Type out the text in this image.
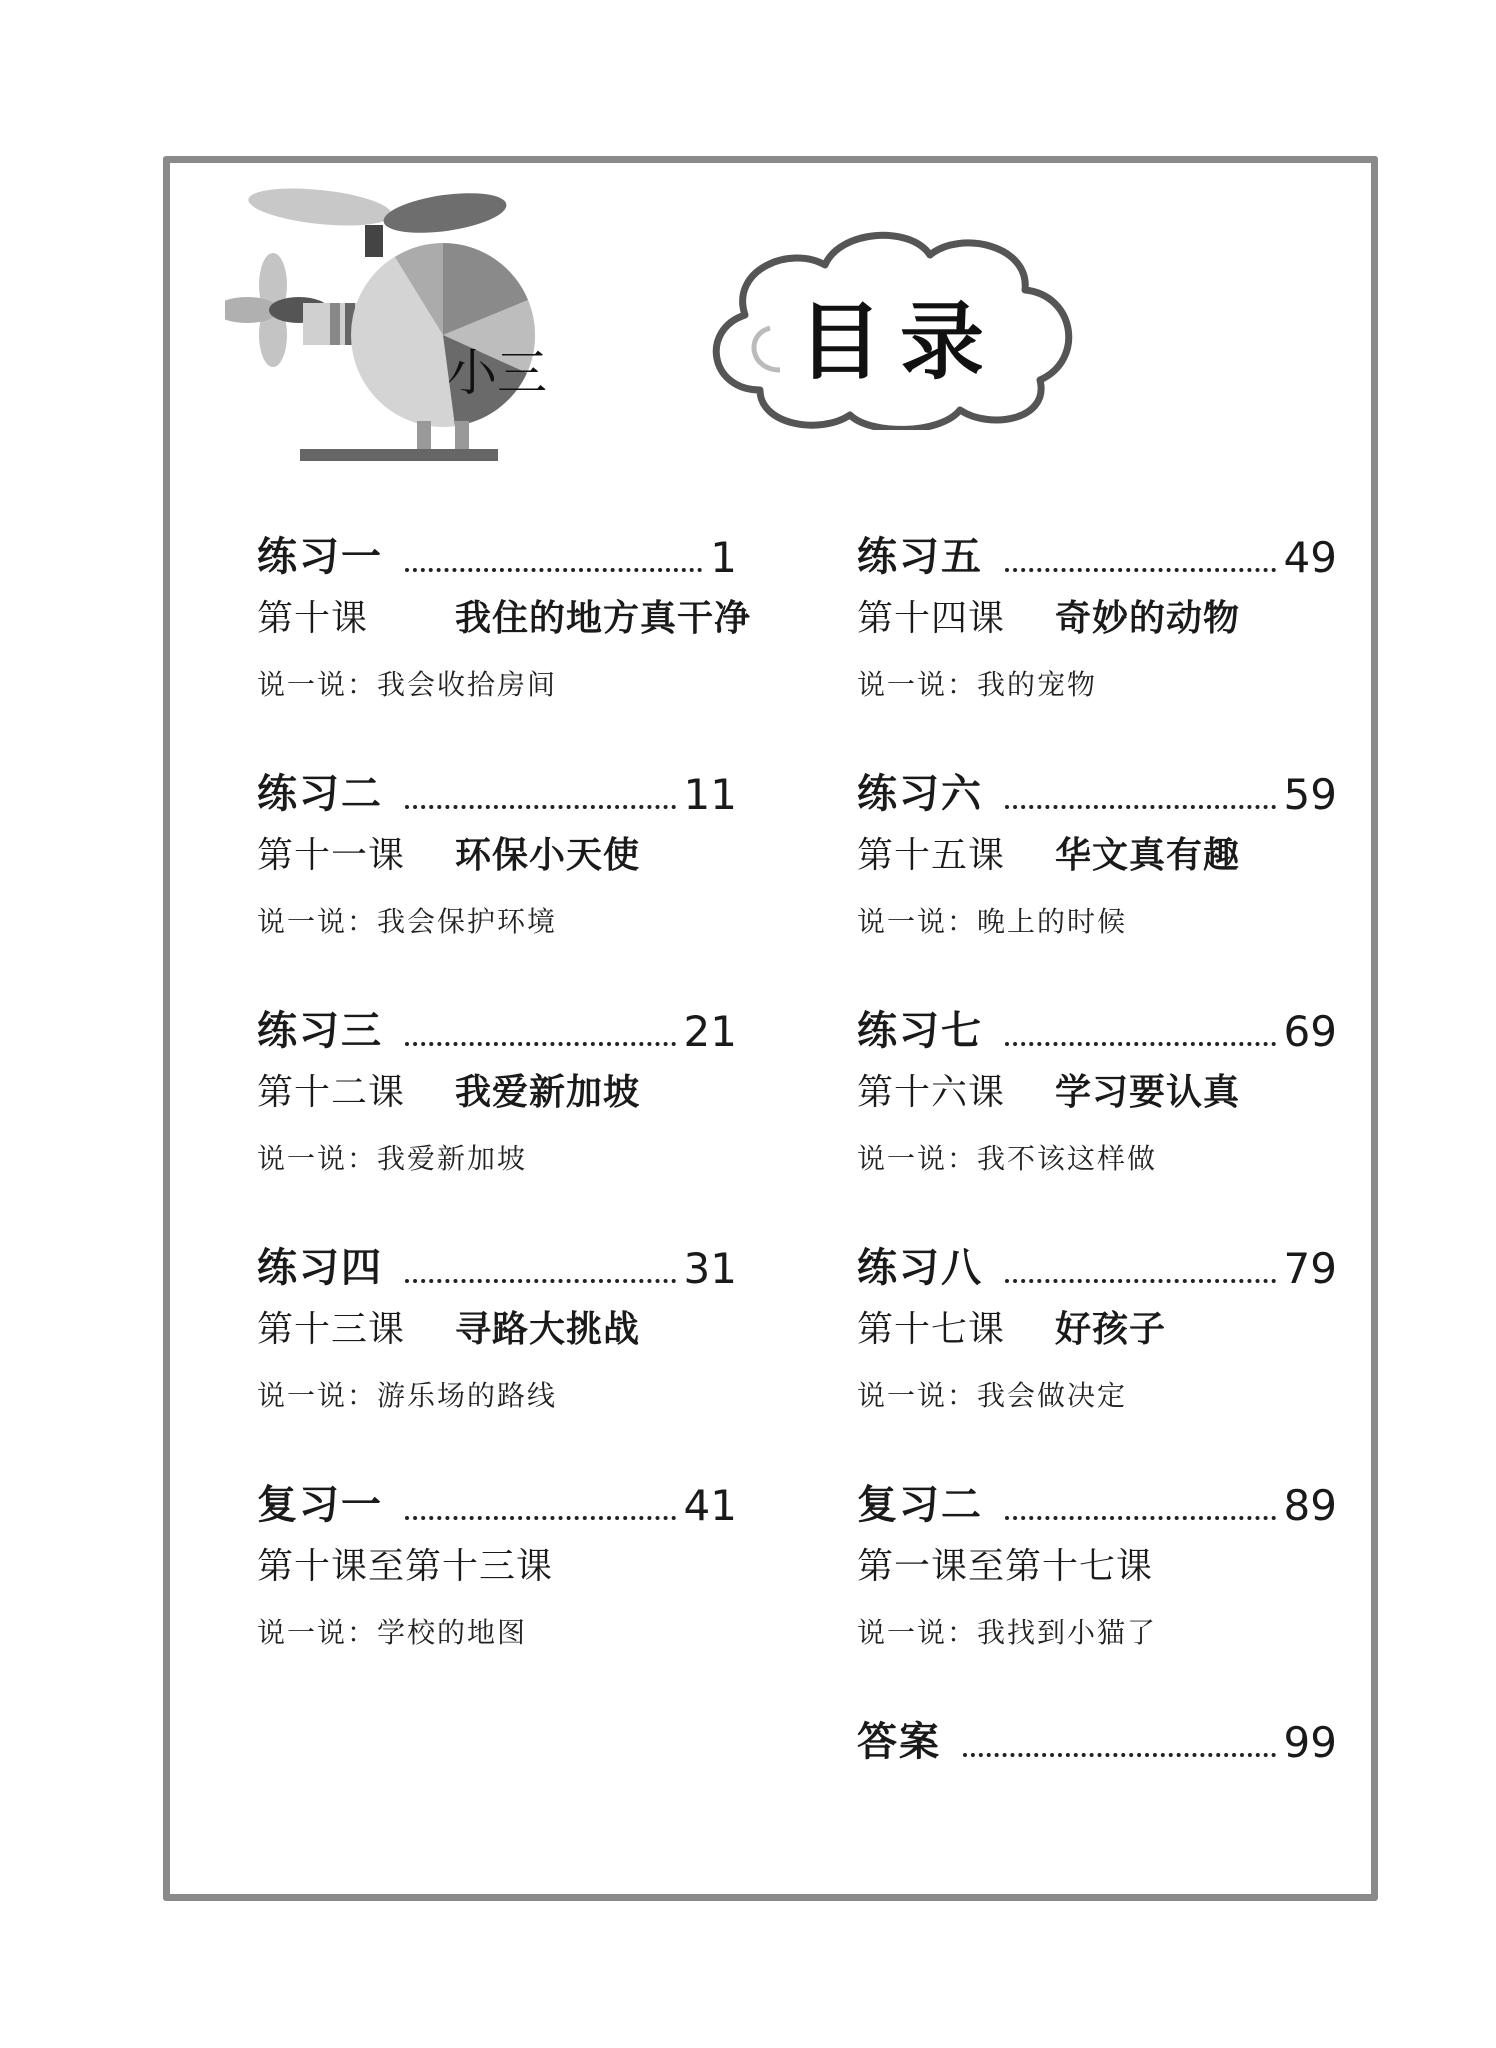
小三	目录
练习一	1
第十课 我住的地方真干净
说一说：我会收拾房间
练习二	11
第十一课 环保小天使
说一说：我会保护环境
练习三	21
第十二课 我爱新加坡
说一说：我爱新加坡
练习四	31
第十三课 寻路大挑战
说一说：游乐场的路线
复习一	41
第十课至第十三课
说一说：学校的地图
练习五	49
第十四课 奇妙的动物
说一说：我的宠物
练习六	59
第十五课 华文真有趣
说一说：晚上的时候
练习七	69
第十六课 学习要认真
说一说：我不该这样做
练习八	79
第十七课 好孩子
说一说：我会做决定
复习二	89
第一课至第十七课
说一说：我找到小猫了
答案	99
